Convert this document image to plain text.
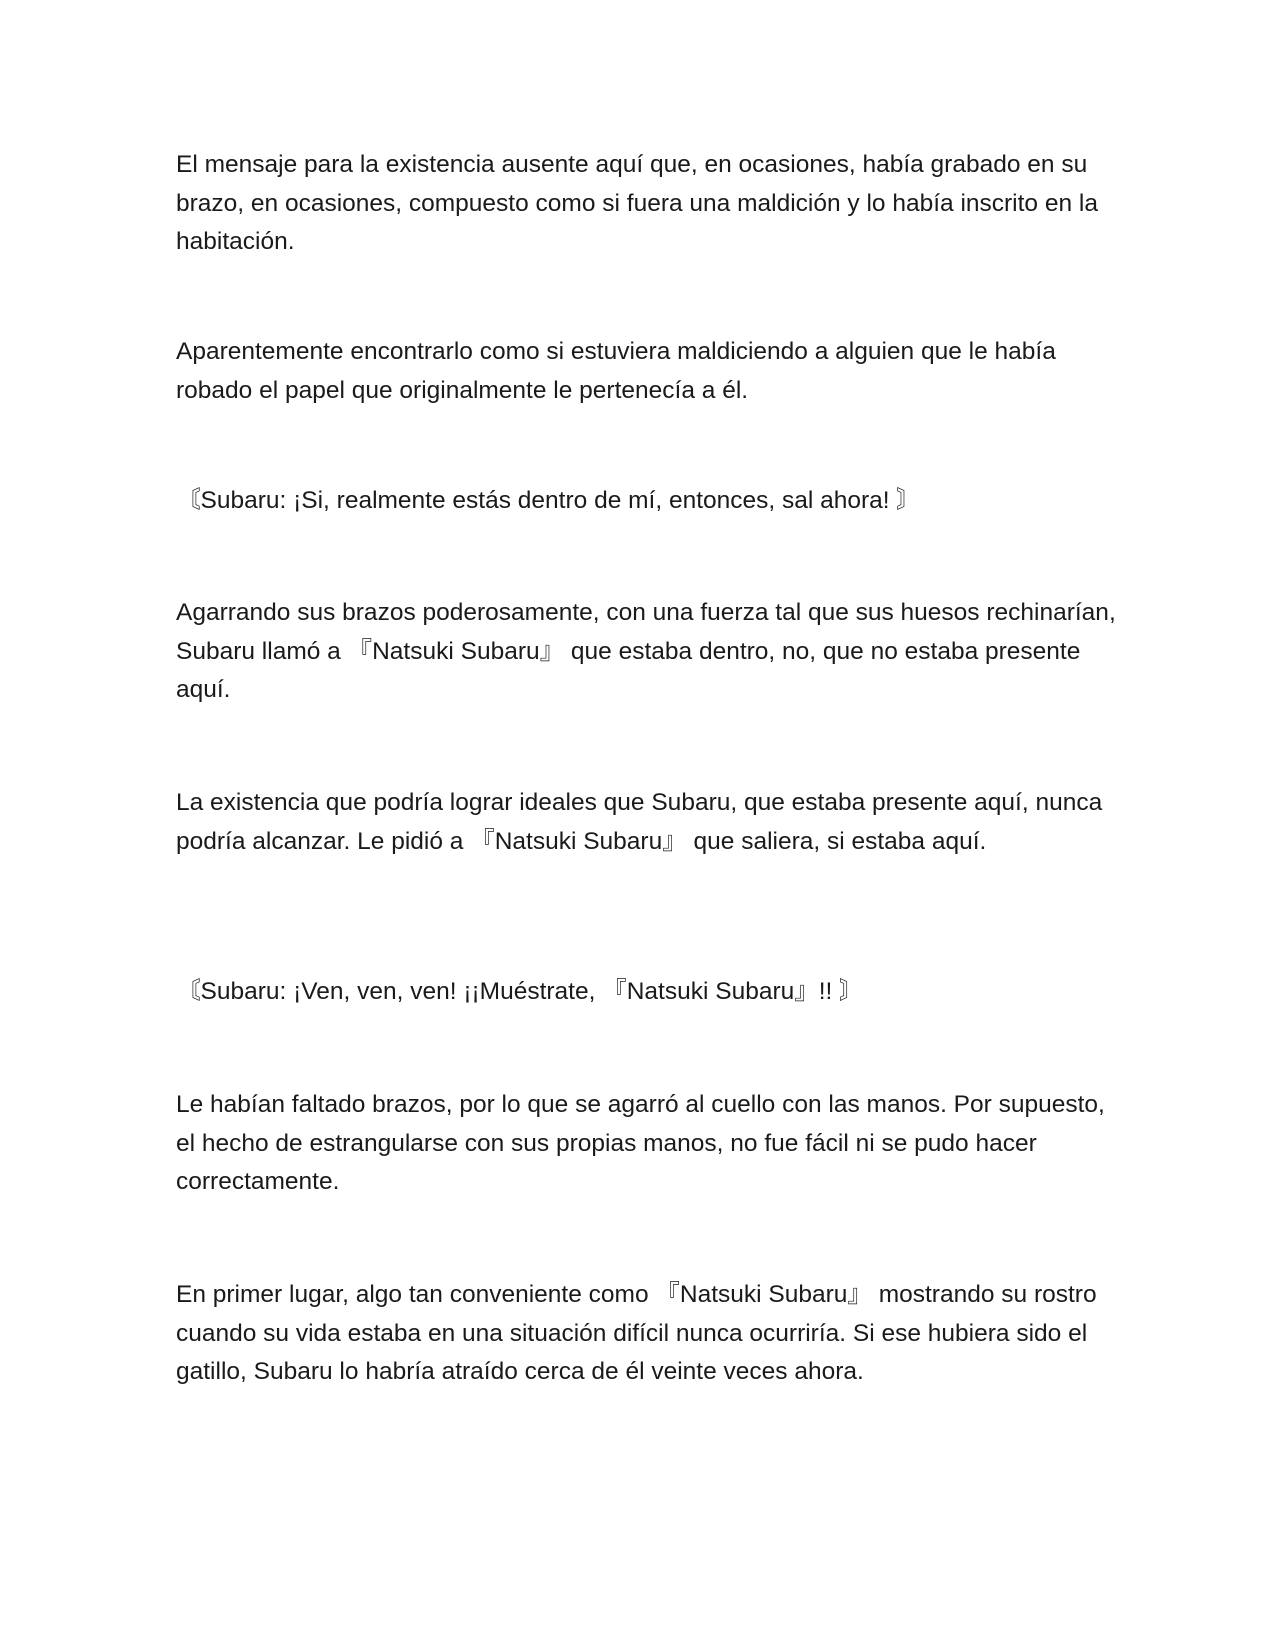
El mensaje para la existencia ausente aquí que, en ocasiones, había grabado en su brazo, en ocasiones, compuesto como si fuera una maldición y lo había inscrito en la habitación.

Aparentemente encontrarlo como si estuviera maldiciendo a alguien que le había robado el papel que originalmente le pertenecía a él.

〘Subaru: ¡Si, realmente estás dentro de mí, entonces, sal ahora! 〙

Agarrando sus brazos poderosamente, con una fuerza tal que sus huesos rechinarían, Subaru llamó a 『Natsuki Subaru』 que estaba dentro, no, que no estaba presente aquí.

La existencia que podría lograr ideales que Subaru, que estaba presente aquí, nunca podría alcanzar. Le pidió a 『Natsuki Subaru』 que saliera, si estaba aquí.

〘Subaru: ¡Ven, ven, ven! ¡¡Muéstrate, 『Natsuki Subaru』!! 〙

Le habían faltado brazos, por lo que se agarró al cuello con las manos. Por supuesto, el hecho de estrangularse con sus propias manos, no fue fácil ni se pudo hacer correctamente.

En primer lugar, algo tan conveniente como 『Natsuki Subaru』 mostrando su rostro cuando su vida estaba en una situación difícil nunca ocurriría. Si ese hubiera sido el gatillo, Subaru lo habría atraído cerca de él veinte veces ahora.
